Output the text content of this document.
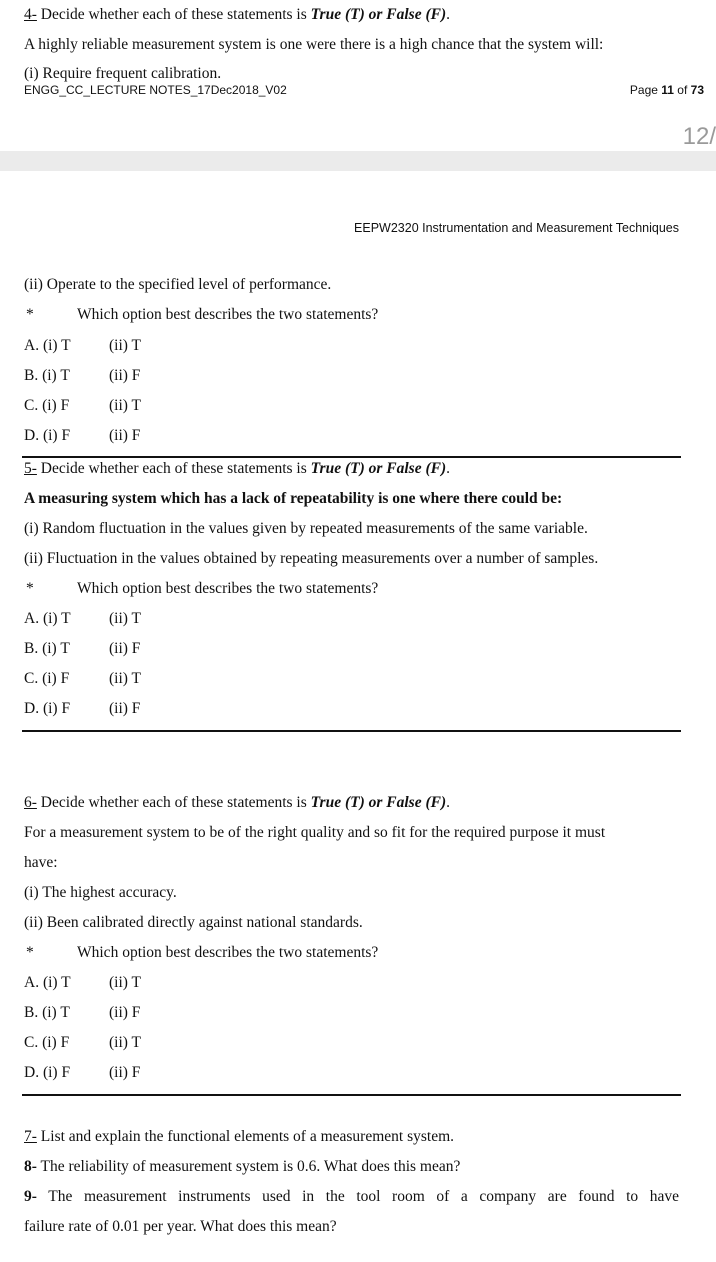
4- Decide whether each of these statements is True (T) or False (F).
A highly reliable measurement system is one were there is a high chance that the system will:
(i) Require frequent calibration.
ENGG_CC_LECTURE NOTES_17Dec2018_V02	Page 11 of 73
12/
EEPW2320 Instrumentation and Measurement Techniques
(ii) Operate to the specified level of performance.
*	Which option best describes the two statements?
A. (i) T (ii) T
B. (i) T	(ii) F
C. (i) F	(ii) T
D. (i) F	(ii) F
5- Decide whether each of these statements is True (T) or False (F).
A measuring system which has a lack of repeatability is one where there could be:
(i) Random fluctuation in the values given by repeated measurements of the same variable.
(ii) Fluctuation in the values obtained by repeating measurements over a number of samples.
*	Which option best describes the two statements?
A. (i) T (ii) T
B. (i) T	(ii) F
C. (i) F	(ii) T
D. (i) F	(ii) F
6- Decide whether each of these statements is True (T) or False (F).
For a measurement system to be of the right quality and so fit for the required purpose it must
have:
(i) The highest accuracy.
(ii) Been calibrated directly against national standards.
*	Which option best describes the two statements?
A. (i) T (ii) T
B. (i) T	(ii) F
C. (i) F	(ii) T
D. (i) F	(ii) F
7- List and explain the functional elements of a measurement system.
8- The reliability of measurement system is 0.6. What does this mean?
9- The measurement instruments used in the tool room of a company are found to have
failure rate of 0.01 per year. What does this mean?
